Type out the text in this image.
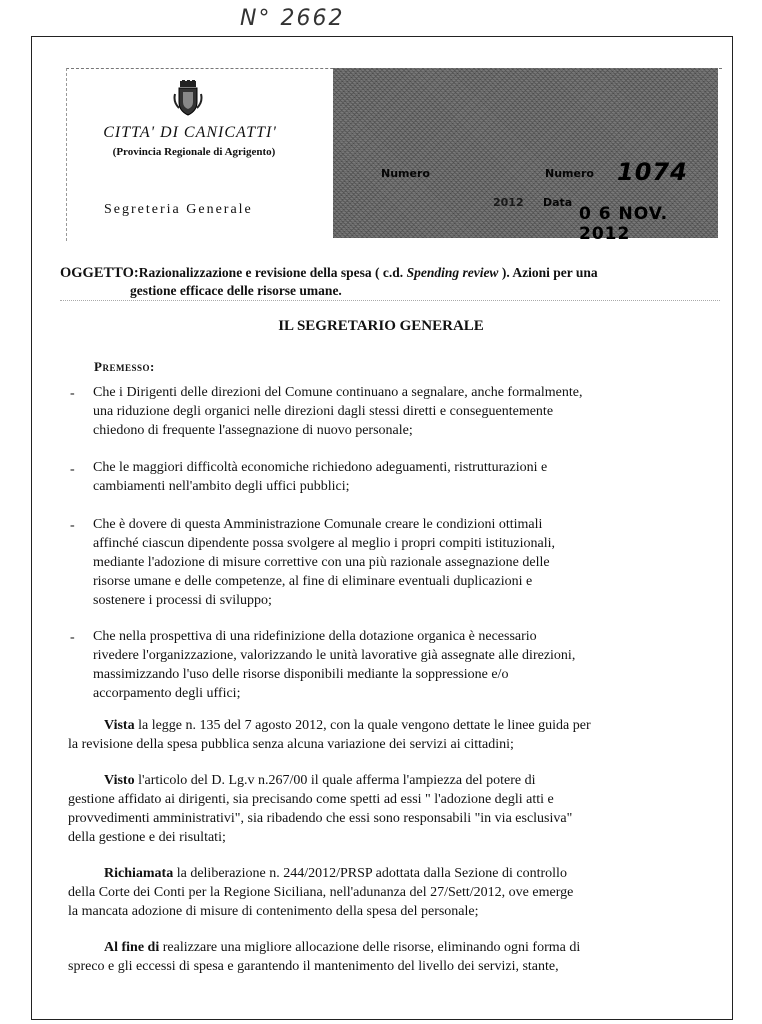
N° 2662
CITTA' DI CANICATTI'
(Provincia Regionale di Agrigento)
Segreteria Generale
Numero	Numero 1074
2012 Data
0 6 NOV. 2012
OGGETTO:Razionalizzazione e revisione della spesa ( c.d. Spending review ). Azioni per una
gestione efficace delle risorse umane.
IL SEGRETARIO GENERALE
Premesso:
- Che i Dirigenti delle direzioni del Comune continuano a segnalare, anche formalmente,
una riduzione degli organici nelle direzioni dagli stessi diretti e conseguentemente
chiedono di frequente l'assegnazione di nuovo personale;
- Che le maggiori difficoltà economiche richiedono adeguamenti, ristrutturazioni e
cambiamenti nell'ambito degli uffici pubblici;
- Che è dovere di questa Amministrazione Comunale creare le condizioni ottimali
affinché ciascun dipendente possa svolgere al meglio i propri compiti istituzionali,
mediante l'adozione di misure correttive con una più razionale assegnazione delle
risorse umane e delle competenze, al fine di eliminare eventuali duplicazioni e
sostenere i processi di sviluppo;
- Che nella prospettiva di una ridefinizione della dotazione organica è necessario
rivedere l'organizzazione, valorizzando le unità lavorative già assegnate alle direzioni,
massimizzando l'uso delle risorse disponibili mediante la soppressione e/o
accorpamento degli uffici;
Vista la legge n. 135 del 7 agosto 2012, con la quale vengono dettate le linee guida per
la revisione della spesa pubblica senza alcuna variazione dei servizi ai cittadini;
Visto l'articolo del D. Lg.v n.267/00 il quale afferma l'ampiezza del potere di
gestione affidato ai dirigenti, sia precisando come spetti ad essi " l'adozione degli atti e
provvedimenti amministrativi", sia ribadendo che essi sono responsabili "in via esclusiva"
della gestione e dei risultati;
Richiamata la deliberazione n. 244/2012/PRSP adottata dalla Sezione di controllo
della Corte dei Conti per la Regione Siciliana, nell'adunanza del 27/Sett/2012, ove emerge
la mancata adozione di misure di contenimento della spesa del personale;
Al fine di realizzare una migliore allocazione delle risorse, eliminando ogni forma di
spreco e gli eccessi di spesa e garantendo il mantenimento del livello dei servizi, stante,
